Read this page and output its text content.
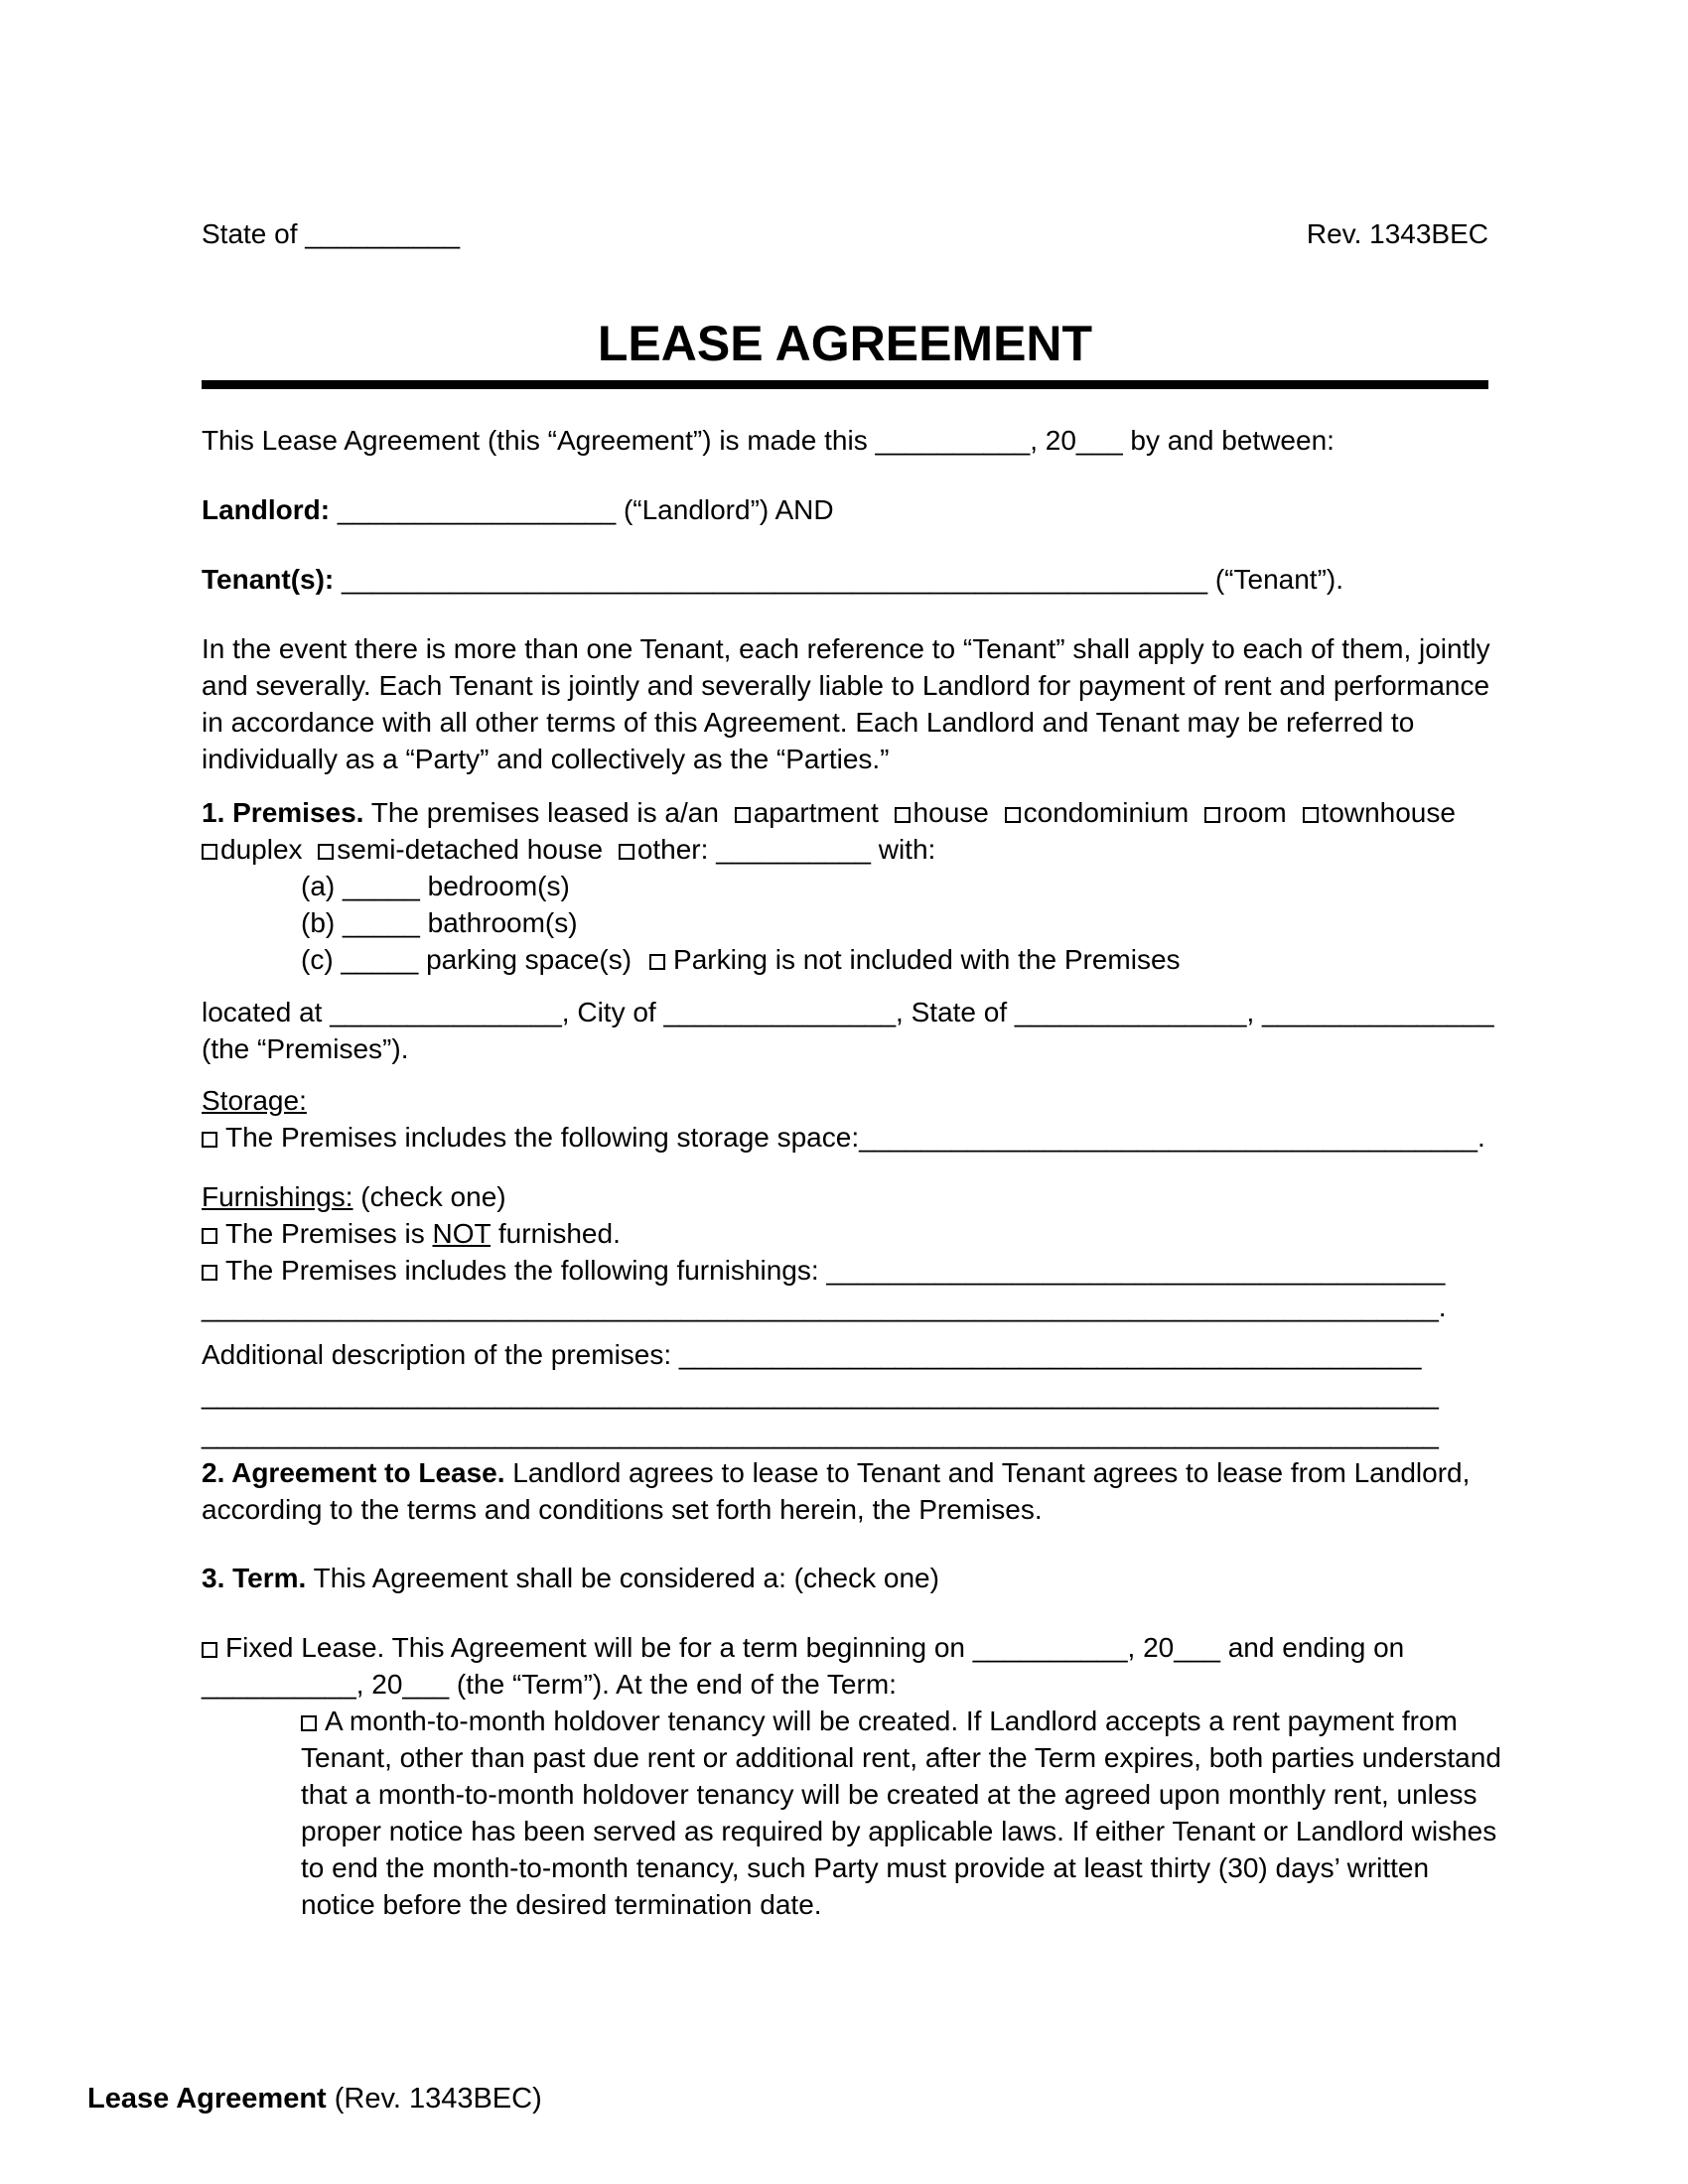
State of __________	Rev. 1343BEC
LEASE AGREEMENT
This Lease Agreement (this “Agreement”) is made this __________, 20___ by and between:
Landlord: __________________ (“Landlord”) AND
Tenant(s): ________________________________________________________ (“Tenant”).
In the event there is more than one Tenant, each reference to “Tenant” shall apply to each of them, jointly
and severally. Each Tenant is jointly and severally liable to Landlord for payment of rent and performance
in accordance with all other terms of this Agreement. Each Landlord and Tenant may be referred to
individually as a “Party” and collectively as the “Parties.”
1. Premises. The premises leased is a/an apartment house condominium room townhouse
duplex semi-detached house other: __________ with:
(a) _____ bedroom(s)
(b) _____ bathroom(s)
(c) _____ parking space(s) Parking is not included with the Premises
located at _______________, City of _______________, State of _______________, _______________
(the “Premises”).
Storage:
The Premises includes the following storage space:________________________________________.
Furnishings: (check one)
The Premises is NOT furnished.
The Premises includes the following furnishings: ________________________________________
________________________________________________________________________________.
Additional description of the premises: ________________________________________________
________________________________________________________________________________
________________________________________________________________________________
2. Agreement to Lease. Landlord agrees to lease to Tenant and Tenant agrees to lease from Landlord,
according to the terms and conditions set forth herein, the Premises.
3. Term. This Agreement shall be considered a: (check one)
Fixed Lease. This Agreement will be for a term beginning on __________, 20___ and ending on
__________, 20___ (the “Term”). At the end of the Term:
A month-to-month holdover tenancy will be created. If Landlord accepts a rent payment from
Tenant, other than past due rent or additional rent, after the Term expires, both parties understand
that a month-to-month holdover tenancy will be created at the agreed upon monthly rent, unless
proper notice has been served as required by applicable laws. If either Tenant or Landlord wishes
to end the month-to-month tenancy, such Party must provide at least thirty (30) days’ written
notice before the desired termination date.
Lease Agreement (Rev. 1343BEC)
